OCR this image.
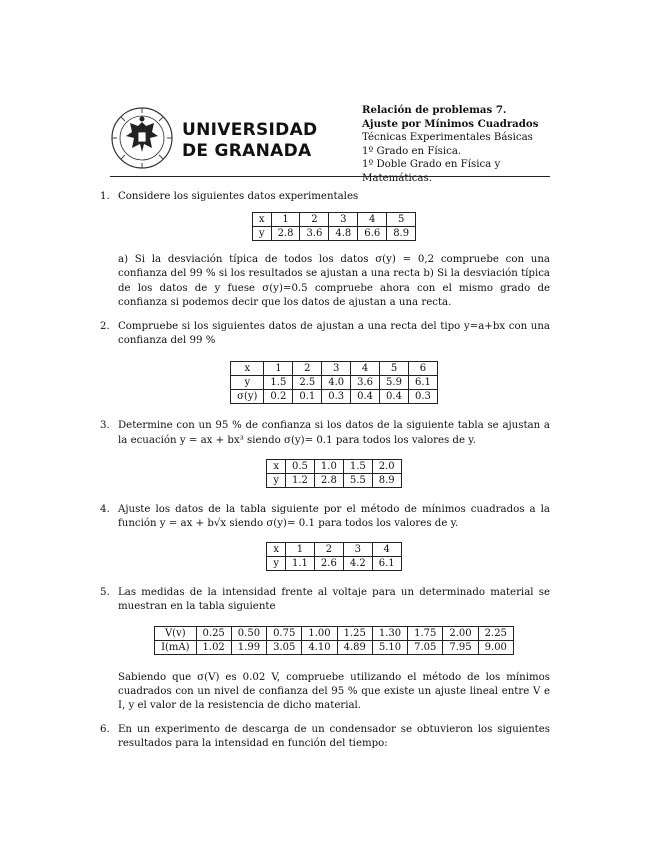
UNIVERSIDAD
DE GRANADA
Relación de problemas 7.
Ajuste por Mínimos Cuadrados
Técnicas Experimentales Básicas
1º Grado en Física.
1º Doble Grado en Física y Matemáticas.
1. Considere los siguientes datos experimentales

x	1	2	3	4	5
y	2.8	3.6	4.8	6.6	8.9

a) Si la desviación típica de todos los datos σ(y) = 0,2 compruebe con una confianza del 99 % si los resultados se ajustan a una recta b) Si la desviación típica de los datos de y fuese σ(y)=0.5 compruebe ahora con el mismo grado de confianza si podemos decir que los datos de ajustan a una recta.

2. Compruebe si los siguientes datos de ajustan a una recta del tipo y=a+bx con una confianza del 99 %

x	1	2	3	4	5	6
y	1.5	2.5	4.0	3.6	5.9	6.1
σ(y)	0.2	0.1	0.3	0.4	0.4	0.3
3. Determine con un 95 % de confianza si los datos de la siguiente tabla se ajustan a la ecuación y = ax + bx³ siendo σ(y)= 0.1 para todos los valores de y.

x	0.5	1.0	1.5	2.0
y	1.2	2.8	5.5	8.9
4. Ajuste los datos de la tabla siguiente por el método de mínimos cuadrados a la función y = ax + b√x siendo σ(y)= 0.1 para todos los valores de y.

x	1	2	3	4
y	1.1	2.6	4.2	6.1
5. Las medidas de la intensidad frente al voltaje para un determinado material se muestran en la tabla siguiente

V(v)	0.25	0.50	0.75	1.00	1.25	1.30	1.75	2.00	2.25
I(mA)	1.02	1.99	3.05	4.10	4.89	5.10	7.05	7.95	9.00

Sabiendo que σ(V) es 0.02 V, compruebe utilizando el método de los mínimos cuadrados con un nivel de confianza del 95 % que existe un ajuste lineal entre V e I, y el valor de la resistencia de dicho material.

6. En un experimento de descarga de un condensador se obtuvieron los siguientes resultados para la intensidad en función del tiempo:
